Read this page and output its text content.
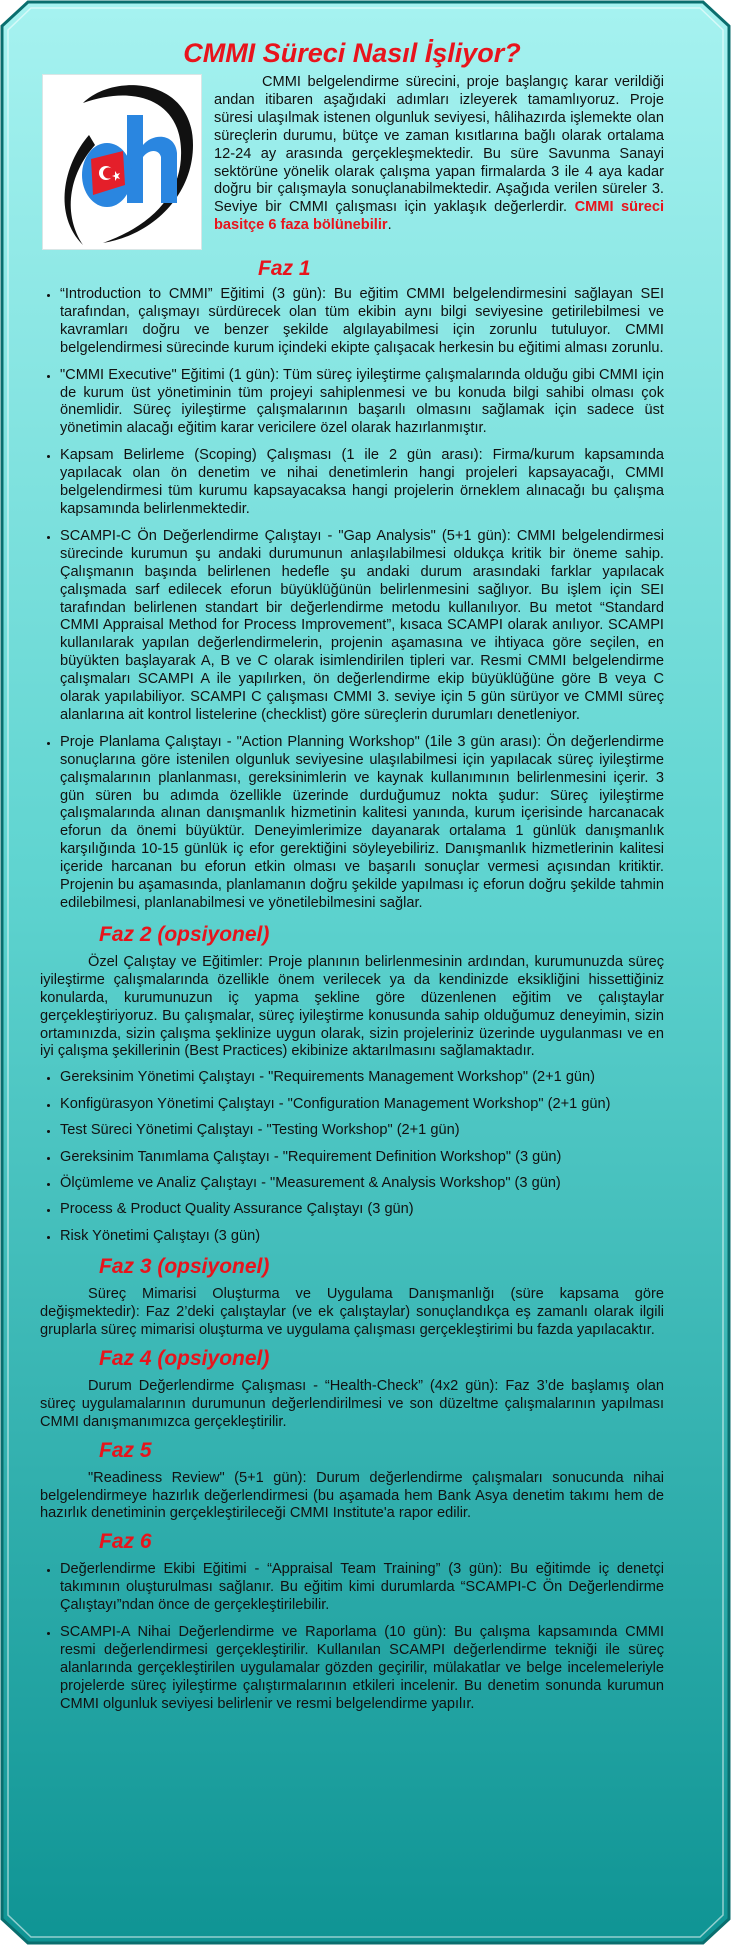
CMMI Süreci Nasıl İşliyor?

CMMI belgelendirme sürecini, proje başlangıç karar verildiği andan itibaren aşağıdaki adımları izleyerek tamamlıyoruz. Proje süresi ulaşılmak istenen olgunluk seviyesi, hâlihazırda işlemekte olan süreçlerin durumu, bütçe ve zaman kısıtlarına bağlı olarak ortalama 12-24 ay arasında gerçekleşmektedir. Bu süre Savunma Sanayi sektörüne yönelik olarak çalışma yapan firmalarda 3 ile 4 aya kadar doğru bir çalışmayla sonuçlanabilmektedir. Aşağıda verilen süreler 3. Seviye bir CMMI çalışması için yaklaşık değerlerdir. CMMI süreci basitçe 6 faza bölünebilir.

Faz 1
• “Introduction to CMMI” Eğitimi (3 gün): Bu eğitim CMMI belgelendirmesini sağlayan SEI tarafından, çalışmayı sürdürecek olan tüm ekibin aynı bilgi seviyesine getirilebilmesi ve kavramları doğru ve benzer şekilde algılayabilmesi için zorunlu tutuluyor. CMMI belgelendirmesi sürecinde kurum içindeki ekipte çalışacak herkesin bu eğitimi alması zorunlu.
• "CMMI Executive" Eğitimi (1 gün): Tüm süreç iyileştirme çalışmalarında olduğu gibi CMMI için de kurum üst yönetiminin tüm projeyi sahiplenmesi ve bu konuda bilgi sahibi olması çok önemlidir. Süreç iyileştirme çalışmalarının başarılı olmasını sağlamak için sadece üst yönetimin alacağı eğitim karar vericilere özel olarak hazırlanmıştır.
• Kapsam Belirleme (Scoping) Çalışması (1 ile 2 gün arası): Firma/kurum kapsamında yapılacak olan ön denetim ve nihai denetimlerin hangi projeleri kapsayacağı, CMMI belgelendirmesi tüm kurumu kapsayacaksa hangi projelerin örneklem alınacağı bu çalışma kapsamında belirlenmektedir.
• SCAMPI-C Ön Değerlendirme Çalıştayı - "Gap Analysis" (5+1 gün): CMMI belgelendirmesi sürecinde kurumun şu andaki durumunun anlaşılabilmesi oldukça kritik bir öneme sahip. Çalışmanın başında belirlenen hedefle şu andaki durum arasındaki farklar yapılacak çalışmada sarf edilecek eforun büyüklüğünün belirlenmesini sağlıyor. Bu işlem için SEI tarafından belirlenen standart bir değerlendirme metodu kullanılıyor. Bu metot “Standard CMMI Appraisal Method for Process Improvement”, kısaca SCAMPI olarak anılıyor. SCAMPI kullanılarak yapılan değerlendirmelerin, projenin aşamasına ve ihtiyaca göre seçilen, en büyükten başlayarak A, B ve C olarak isimlendirilen tipleri var. Resmi CMMI belgelendirme çalışmaları SCAMPI A ile yapılırken, ön değerlendirme ekip büyüklüğüne göre B veya C olarak yapılabiliyor. SCAMPI C çalışması CMMI 3. seviye için 5 gün sürüyor ve CMMI süreç alanlarına ait kontrol listelerine (checklist) göre süreçlerin durumları denetleniyor.
• Proje Planlama Çalıştayı - "Action Planning Workshop" (1ile 3 gün arası): Ön değerlendirme sonuçlarına göre istenilen olgunluk seviyesine ulaşılabilmesi için yapılacak süreç iyileştirme çalışmalarının planlanması, gereksinimlerin ve kaynak kullanımının belirlenmesini içerir. 3 gün süren bu adımda özellikle üzerinde durduğumuz nokta şudur: Süreç iyileştirme çalışmalarında alınan danışmanlık hizmetinin kalitesi yanında, kurum içerisinde harcanacak eforun da önemi büyüktür. Deneyimlerimize dayanarak ortalama 1 günlük danışmanlık karşılığında 10-15 günlük iç efor gerektiğini söyleyebiliriz. Danışmanlık hizmetlerinin kalitesi içeride harcanan bu eforun etkin olması ve başarılı sonuçlar vermesi açısından kritiktir. Projenin bu aşamasında, planlamanın doğru şekilde yapılması iç eforun doğru şekilde tahmin edilebilmesi, planlanabilmesi ve yönetilebilmesini sağlar.
Faz 2 (opsiyonel)

Özel Çalıştay ve Eğitimler: Proje planının belirlenmesinin ardından, kurumunuzda süreç iyileştirme çalışmalarında özellikle önem verilecek ya da kendinizde eksikliğini hissettiğiniz konularda, kurumunuzun iç yapma şekline göre düzenlenen eğitim ve çalıştaylar gerçekleştiriyoruz. Bu çalışmalar, süreç iyileştirme konusunda sahip olduğumuz deneyimin, sizin ortamınızda, sizin çalışma şeklinize uygun olarak, sizin projeleriniz üzerinde uygulanması ve en iyi çalışma şekillerinin (Best Practices) ekibinize aktarılmasını sağlamaktadır.

• Gereksinim Yönetimi Çalıştayı - "Requirements Management Workshop" (2+1 gün)
• Konfigürasyon Yönetimi Çalıştayı - "Configuration Management Workshop" (2+1 gün)
• Test Süreci Yönetimi Çalıştayı - "Testing Workshop" (2+1 gün)
• Gereksinim Tanımlama Çalıştayı - "Requirement Definition Workshop" (3 gün)
• Ölçümleme ve Analiz Çalıştayı - "Measurement & Analysis Workshop" (3 gün)
• Process & Product Quality Assurance Çalıştayı (3 gün)
• Risk Yönetimi Çalıştayı (3 gün)
Faz 3 (opsiyonel)

Süreç Mimarisi Oluşturma ve Uygulama Danışmanlığı (süre kapsama göre değişmektedir): Faz 2’deki çalıştaylar (ve ek çalıştaylar) sonuçlandıkça eş zamanlı olarak ilgili gruplarla süreç mimarisi oluşturma ve uygulama çalışması gerçekleştirimi bu fazda yapılacaktır.

Faz 4 (opsiyonel)

Durum Değerlendirme Çalışması - “Health-Check” (4x2 gün): Faz 3’de başlamış olan süreç uygulamalarının durumunun değerlendirilmesi ve son düzeltme çalışmalarının yapılması CMMI danışmanımızca gerçekleştirilir.

Faz 5

"Readiness Review" (5+1 gün): Durum değerlendirme çalışmaları sonucunda nihai belgelendirmeye hazırlık değerlendirmesi (bu aşamada hem Bank Asya denetim takımı hem de hazırlık denetiminin gerçekleştirileceği CMMI Institute'a rapor edilir.

Faz 6
• Değerlendirme Ekibi Eğitimi - “Appraisal Team Training” (3 gün): Bu eğitimde iç denetçi takımının oluşturulması sağlanır. Bu eğitim kimi durumlarda “SCAMPI-C Ön Değerlendirme Çalıştayı”ndan önce de gerçekleştirilebilir.
• SCAMPI-A Nihai Değerlendirme ve Raporlama (10 gün): Bu çalışma kapsamında CMMI resmi değerlendirmesi gerçekleştirilir. Kullanılan SCAMPI değerlendirme tekniği ile süreç alanlarında gerçekleştirilen uygulamalar gözden geçirilir, mülakatlar ve belge incelemeleriyle projelerde süreç iyileştirme çalıştırmalarının etkileri incelenir. Bu denetim sonunda kurumun CMMI olgunluk seviyesi belirlenir ve resmi belgelendirme yapılır.
